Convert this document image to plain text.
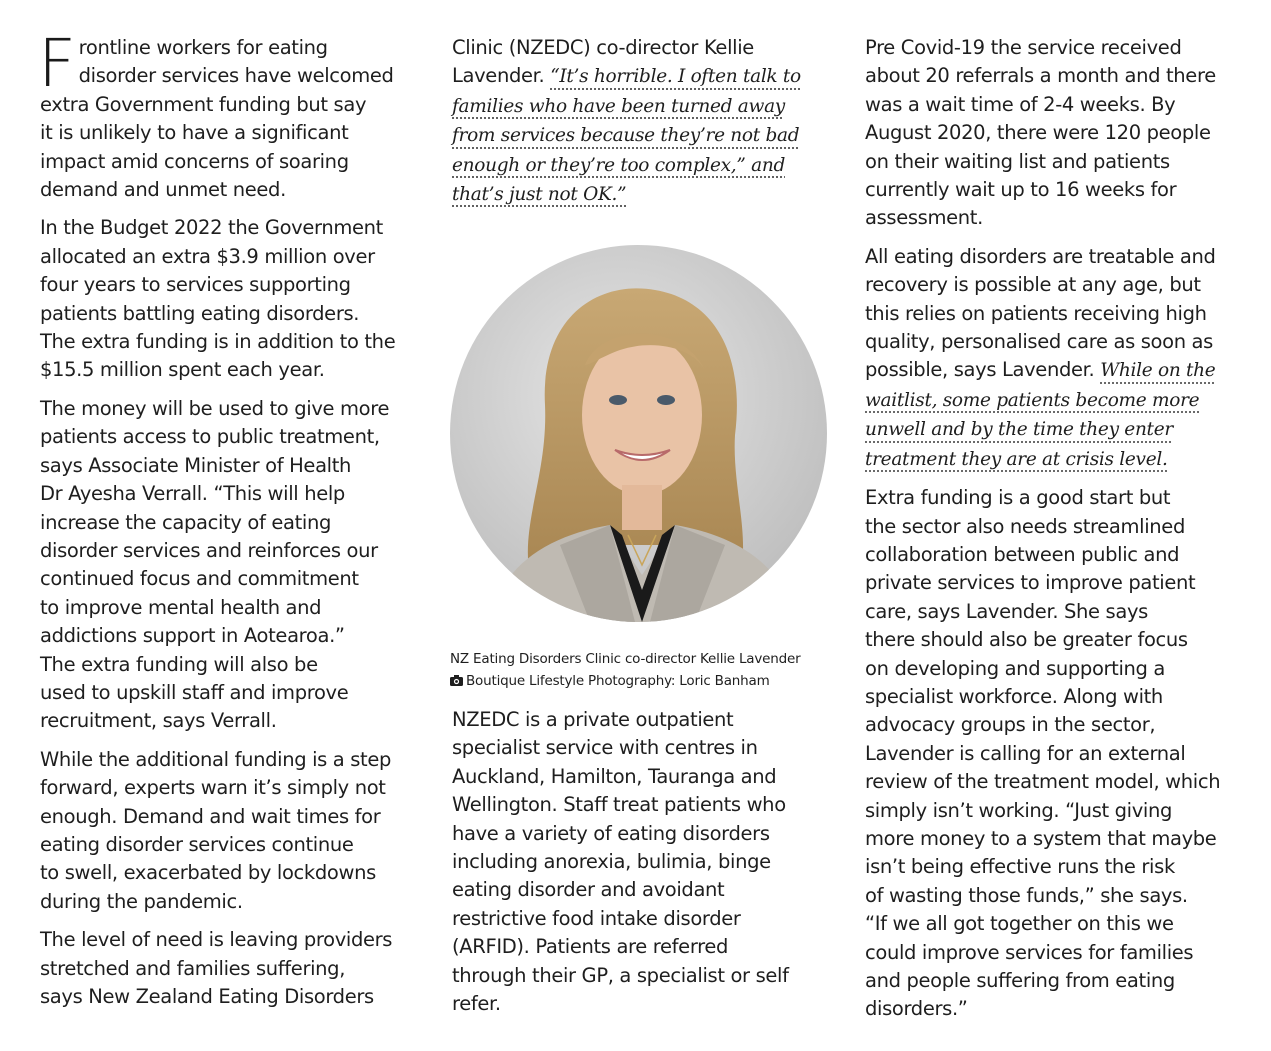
Frontline workers for eating
disorder services have welcomed
extra Government funding but say
it is unlikely to have a significant
impact amid concerns of soaring
demand and unmet need.

In the Budget 2022 the Government
allocated an extra $3.9 million over
four years to services supporting
patients battling eating disorders.
The extra funding is in addition to the
$15.5 million spent each year.

The money will be used to give more
patients access to public treatment,
says Associate Minister of Health
Dr Ayesha Verrall. “This will help
increase the capacity of eating
disorder services and reinforces our
continued focus and commitment
to improve mental health and
addictions support in Aotearoa.”
The extra funding will also be
used to upskill staff and improve
recruitment, says Verrall.

While the additional funding is a step
forward, experts warn it’s simply not
enough. Demand and wait times for
eating disorder services continue
to swell, exacerbated by lockdowns
during the pandemic.

The level of need is leaving providers
stretched and families suffering,
says New Zealand Eating Disorders

Clinic (NZEDC) co-director Kellie
Lavender. “It’s horrible. I often talk to
families who have been turned away
from services because they’re not bad
enough or they’re too complex,” and
that’s just not OK.”

NZ Eating Disorders Clinic co-director Kellie Lavender
Boutique Lifestyle Photography: Loric Banham

NZEDC is a private outpatient
specialist service with centres in
Auckland, Hamilton, Tauranga and
Wellington. Staff treat patients who
have a variety of eating disorders
including anorexia, bulimia, binge
eating disorder and avoidant
restrictive food intake disorder
(ARFID). Patients are referred
through their GP, a specialist or self
refer.

Pre Covid-19 the service received
about 20 referrals a month and there
was a wait time of 2-4 weeks. By
August 2020, there were 120 people
on their waiting list and patients
currently wait up to 16 weeks for
assessment.

All eating disorders are treatable and
recovery is possible at any age, but
this relies on patients receiving high
quality, personalised care as soon as
possible, says Lavender. While on the
waitlist, some patients become more
unwell and by the time they enter
treatment they are at crisis level.

Extra funding is a good start but
the sector also needs streamlined
collaboration between public and
private services to improve patient
care, says Lavender. She says
there should also be greater focus
on developing and supporting a
specialist workforce. Along with
advocacy groups in the sector,
Lavender is calling for an external
review of the treatment model, which
simply isn’t working. “Just giving
more money to a system that maybe
isn’t being effective runs the risk
of wasting those funds,” she says.
“If we all got together on this we
could improve services for families
and people suffering from eating
disorders.”
